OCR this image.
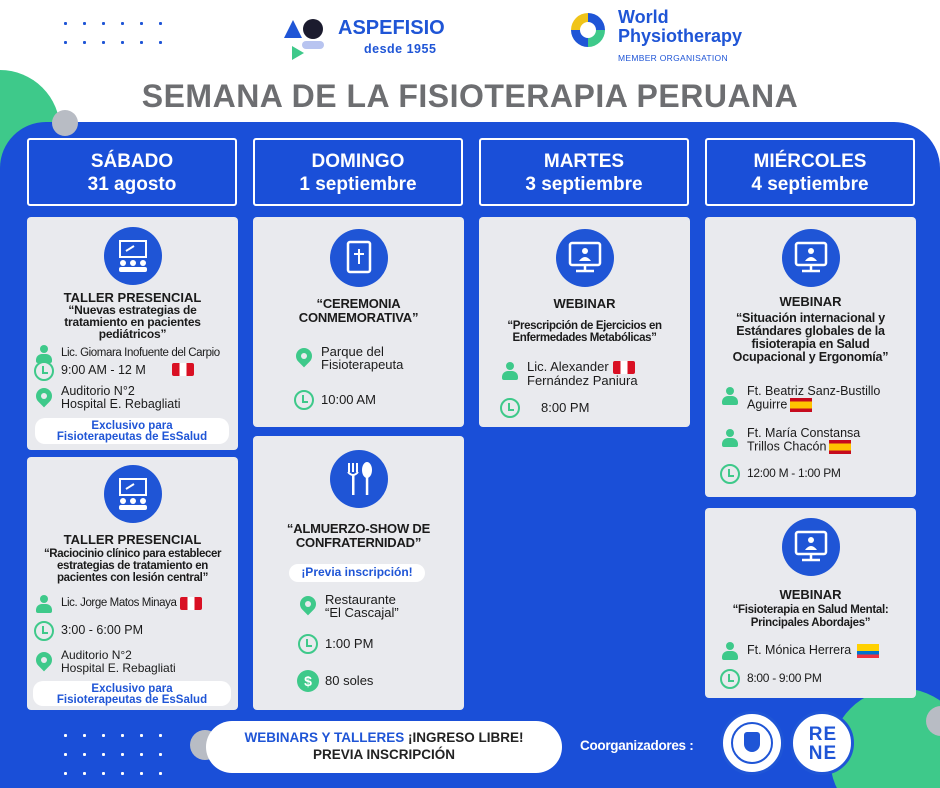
ASPEFISIO
desde 1955
World
Physiotherapy
MEMBER ORGANISATION
SEMANA DE LA FISIOTERAPIA PERUANA
SÁBADO
31 agosto
DOMINGO
1 septiembre
MARTES
3 septiembre
MIÉRCOLES
4 septiembre
TALLER PRESENCIAL
“Nuevas estrategias de
tratamiento en pacientes
pediátricos”
Lic. Giomara Inofuente del Carpio
9:00 AM - 12 M
Auditorio N°2
Hospital E. Rebagliati
Exclusivo para
Fisioterapeutas de EsSalud
TALLER PRESENCIAL
“Raciocinio clínico para establecer
estrategias de tratamiento en
pacientes con lesión central”
Lic. Jorge Matos Minaya
3:00 - 6:00 PM
Auditorio N°2
Hospital E. Rebagliati
Exclusivo para
Fisioterapeutas de EsSalud
“CEREMONIA
CONMEMORATIVA”
Parque del
Fisioterapeuta
10:00 AM
“ALMUERZO-SHOW DE
CONFRATERNIDAD”
¡Previa inscripción!
Restaurante
“El Cascajal”
1:00 PM
$	80 soles
WEBINAR
“Prescripción de Ejercicios en
Enfermedades Metabólicas”
Lic. Alexander
Fernández Paniura
8:00 PM
WEBINAR
“Situación internacional y
Estándares globales de la
fisioterapia en Salud
Ocupacional y Ergonomía”
Ft. Beatriz Sanz-Bustillo
Aguirre
Ft. María Constansa
Trillos Chacón
12:00 M - 1:00 PM
WEBINAR
“Fisioterapia en Salud Mental:
Principales Abordajes”
Ft. Mónica Herrera
8:00 - 9:00 PM
WEBINARS Y TALLERES ¡INGRESO LIBRE!
PREVIA INSCRIPCIÓN
Coorganizadores :
RE NE
